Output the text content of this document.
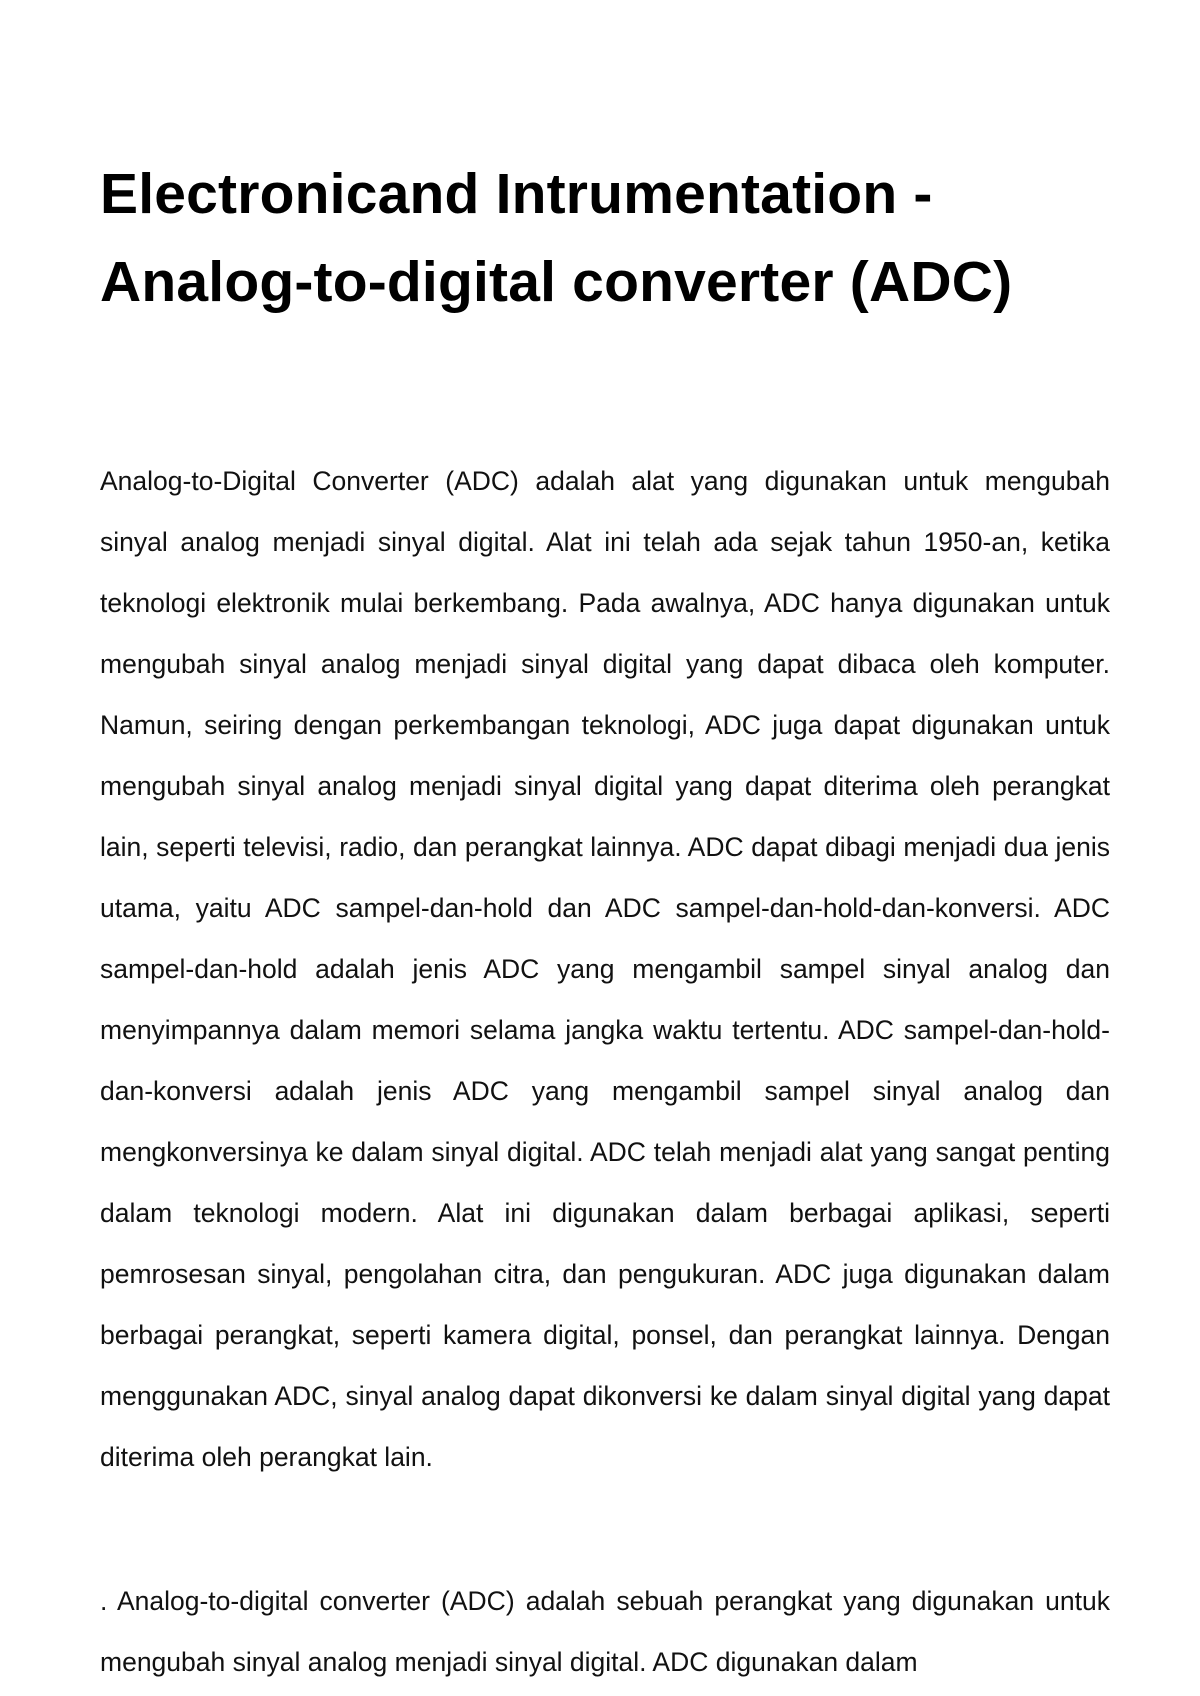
Electronicand Intrumentation - Analog-to-digital converter (ADC)

Analog-to-Digital Converter (ADC) adalah alat yang digunakan untuk mengubah sinyal analog menjadi sinyal digital. Alat ini telah ada sejak tahun 1950-an, ketika teknologi elektronik mulai berkembang. Pada awalnya, ADC hanya digunakan untuk mengubah sinyal analog menjadi sinyal digital yang dapat dibaca oleh komputer. Namun, seiring dengan perkembangan teknologi, ADC juga dapat digunakan untuk mengubah sinyal analog menjadi sinyal digital yang dapat diterima oleh perangkat lain, seperti televisi, radio, dan perangkat lainnya. ADC dapat dibagi menjadi dua jenis utama, yaitu ADC sampel-dan-hold dan ADC sampel-dan-hold-dan-konversi. ADC sampel-dan-hold adalah jenis ADC yang mengambil sampel sinyal analog dan menyimpannya dalam memori selama jangka waktu tertentu. ADC sampel-dan-hold-dan-konversi adalah jenis ADC yang mengambil sampel sinyal analog dan mengkonversinya ke dalam sinyal digital. ADC telah menjadi alat yang sangat penting dalam teknologi modern. Alat ini digunakan dalam berbagai aplikasi, seperti pemrosesan sinyal, pengolahan citra, dan pengukuran. ADC juga digunakan dalam berbagai perangkat, seperti kamera digital, ponsel, dan perangkat lainnya. Dengan menggunakan ADC, sinyal analog dapat dikonversi ke dalam sinyal digital yang dapat diterima oleh perangkat lain.

. Analog-to-digital converter (ADC) adalah sebuah perangkat yang digunakan untuk mengubah sinyal analog menjadi sinyal digital. ADC digunakan dalam
